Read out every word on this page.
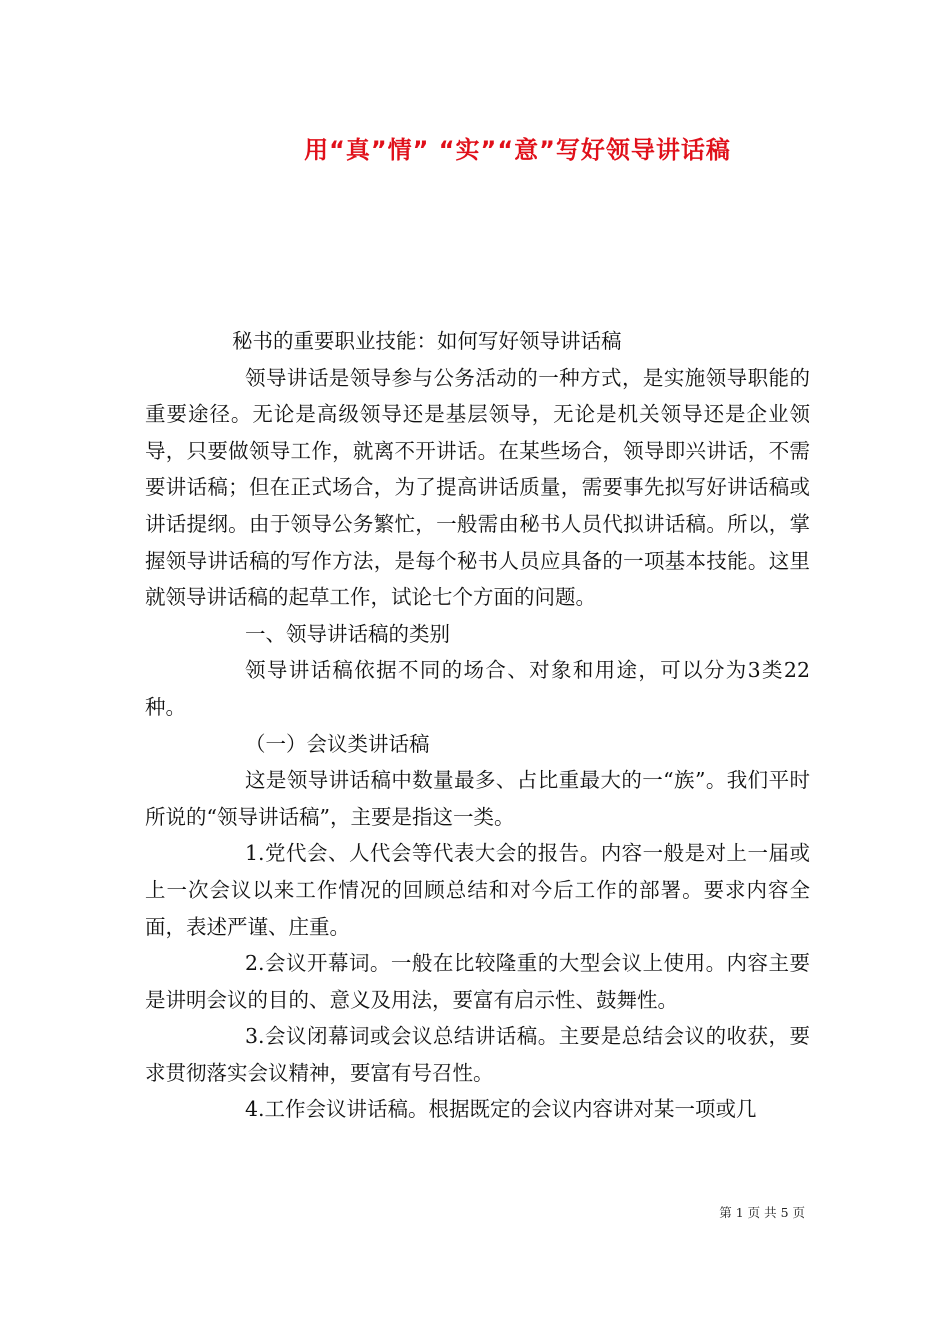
用“真”情” “实”“意”写好领导讲话稿

秘书的重要职业技能：如何写好领导讲话稿

领导讲话是领导参与公务活动的一种方式，是实施领导职能的重要途径。无论是高级领导还是基层领导，无论是机关领导还是企业领导，只要做领导工作，就离不开讲话。在某些场合，领导即兴讲话，不需要讲话稿；但在正式场合，为了提高讲话质量，需要事先拟写好讲话稿或讲话提纲。由于领导公务繁忙，一般需由秘书人员代拟讲话稿。所以，掌握领导讲话稿的写作方法，是每个秘书人员应具备的一项基本技能。这里就领导讲话稿的起草工作，试论七个方面的问题。

一、领导讲话稿的类别

领导讲话稿依据不同的场合、对象和用途，可以分为3类22种。

（一）会议类讲话稿

这是领导讲话稿中数量最多、占比重最大的一“族”。我们平时所说的“领导讲话稿”，主要是指这一类。

1.党代会、人代会等代表大会的报告。内容一般是对上一届或上一次会议以来工作情况的回顾总结和对今后工作的部署。要求内容全面，表述严谨、庄重。

2.会议开幕词。一般在比较隆重的大型会议上使用。内容主要是讲明会议的目的、意义及用法，要富有启示性、鼓舞性。

3.会议闭幕词或会议总结讲话稿。主要是总结会议的收获，要求贯彻落实会议精神，要富有号召性。

4.工作会议讲话稿。根据既定的会议内容讲对某一项或几

第 1 页 共 5 页
